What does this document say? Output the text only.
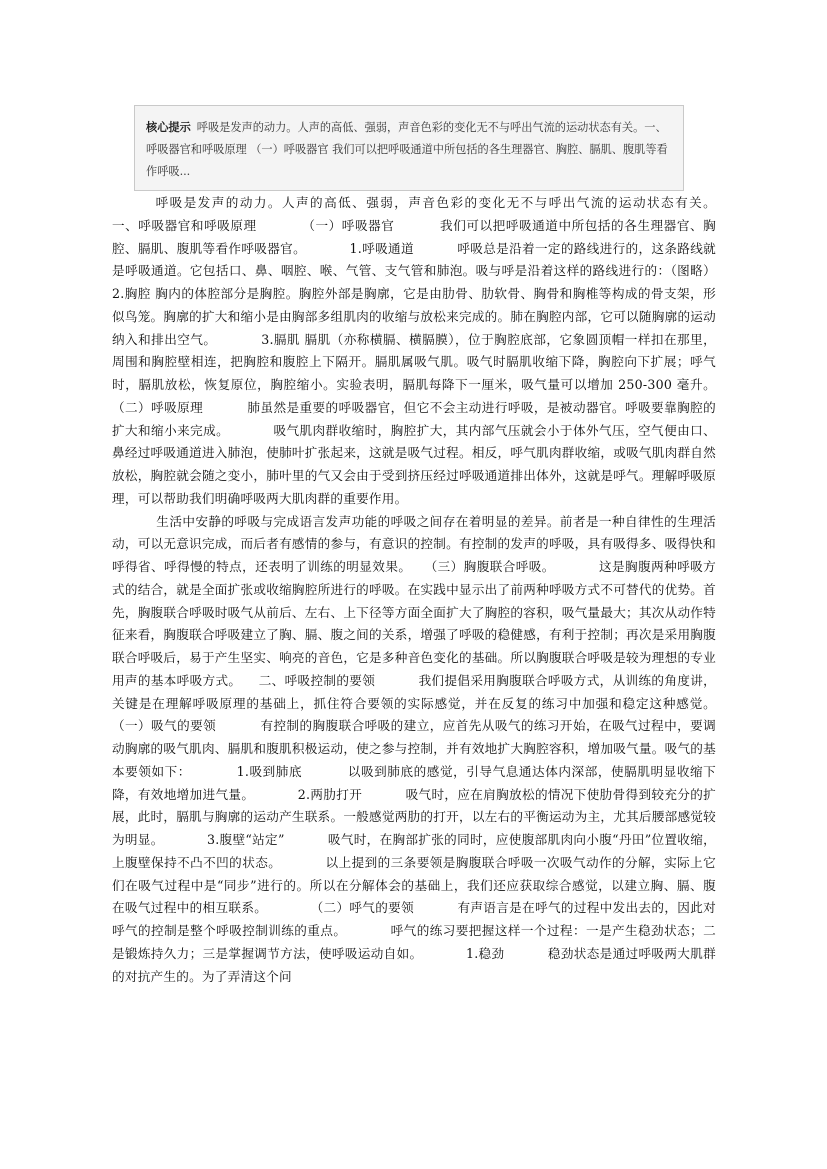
核心提示 呼吸是发声的动力。人声的高低、强弱，声音色彩的变化无不与呼出气流的运动状态有关。一、呼吸器官和呼吸原理 （一）呼吸器官 我们可以把呼吸通道中所包括的各生理器官、胸腔、膈肌、腹肌等看作呼吸...

呼吸是发声的动力。人声的高低、强弱，声音色彩的变化无不与呼出气流的运动状态有关。          一、呼吸器官和呼吸原理          （一）呼吸器官          我们可以把呼吸通道中所包括的各生理器官、胸腔、膈肌、腹肌等看作呼吸器官。          1.呼吸通道          呼吸总是沿着一定的路线进行的，这条路线就是呼吸通道。它包括口、鼻、咽腔、喉、气管、支气管和肺泡。吸与呼是沿着这样的路线进行的：（图略）          2.胸腔 胸内的体腔部分是胸腔。胸腔外部是胸廓，它是由肋骨、肋软骨、胸骨和胸椎等构成的骨支架，形似鸟笼。胸廓的扩大和缩小是由胸部多组肌肉的收缩与放松来完成的。肺在胸腔内部，它可以随胸廓的运动纳入和排出空气。          3.膈肌 膈肌（亦称横膈、横膈膜），位于胸腔底部，它象圆顶帽一样扣在那里，周围和胸腔壁相连，把胸腔和腹腔上下隔开。膈肌属吸气肌。吸气时膈肌收缩下降，胸腔向下扩展；呼气时，膈肌放松，恢复原位，胸腔缩小。实验表明，膈肌每降下一厘米，吸气量可以增加 250-300 毫升。          （二）呼吸原理          肺虽然是重要的呼吸器官，但它不会主动进行呼吸，是被动器官。呼吸要靠胸腔的扩大和缩小来完成。          吸气肌肉群收缩时，胸腔扩大，其内部气压就会小于体外气压，空气便由口、鼻经过呼吸通道进入肺泡，使肺叶扩张起来，这就是吸气过程。相反，呼气肌肉群收缩，或吸气肌肉群自然放松，胸腔就会随之变小，肺叶里的气又会由于受到挤压经过呼吸通道排出体外，这就是呼气。理解呼吸原理，可以帮助我们明确呼吸两大肌肉群的重要作用。

生活中安静的呼吸与完成语言发声功能的呼吸之间存在着明显的差异。前者是一种自律性的生理活动，可以无意识完成，而后者有感情的参与，有意识的控制。有控制的发声的呼吸，具有吸得多、吸得快和呼得省、呼得慢的特点，还表明了训练的明显效果。   （三）胸腹联合呼吸。          这是胸腹两种呼吸方式的结合，就是全面扩张或收缩胸腔所进行的呼吸。在实践中显示出了前两种呼吸方式不可替代的优势。首先，胸腹联合呼吸时吸气从前后、左右、上下径等方面全面扩大了胸腔的容积，吸气量最大；其次从动作特征来看，胸腹联合呼吸建立了胸、膈、腹之间的关系，增强了呼吸的稳健感，有利于控制；再次是采用胸腹联合呼吸后，易于产生坚实、响亮的音色，它是多种音色变化的基础。所以胸腹联合呼吸是较为理想的专业用声的基本呼吸方式。    二、呼吸控制的要领          我们提倡采用胸腹联合呼吸方式，从训练的角度讲，关键是在理解呼吸原理的基础上，抓住符合要领的实际感觉，并在反复的练习中加强和稳定这种感觉。          （一）吸气的要领          有控制的胸腹联合呼吸的建立，应首先从吸气的练习开始，在吸气过程中，要调动胸廓的吸气肌肉、膈肌和腹肌积极运动，使之参与控制，并有效地扩大胸腔容积，增加吸气量。吸气的基本要领如下：          1.吸到肺底          以吸到肺底的感觉，引导气息通达体内深部，使膈肌明显收缩下降，有效地增加进气量。          2.两肋打开          吸气时，应在肩胸放松的情况下使肋骨得到较充分的扩展，此时，膈肌与胸廓的运动产生联系。一般感觉两肋的打开，以左右的平衡运动为主，尤其后腰部感觉较为明显。          3.腹壁“站定”          吸气时，在胸部扩张的同时，应使腹部肌肉向小腹“丹田”位置收缩，上腹壁保持不凸不凹的状态。          以上提到的三条要领是胸腹联合呼吸一次吸气动作的分解，实际上它们在吸气过程中是“同步”进行的。所以在分解体会的基础上，我们还应获取综合感觉，以建立胸、膈、腹在吸气过程中的相互联系。          （二）呼气的要领          有声语言是在呼气的过程中发出去的，因此对呼气的控制是整个呼吸控制训练的重点。          呼气的练习要把握这样一个过程：一是产生稳劲状态；二是锻炼持久力；三是掌握调节方法，使呼吸运动自如。          1.稳劲          稳劲状态是通过呼吸两大肌群的对抗产生的。为了弄清这个问
